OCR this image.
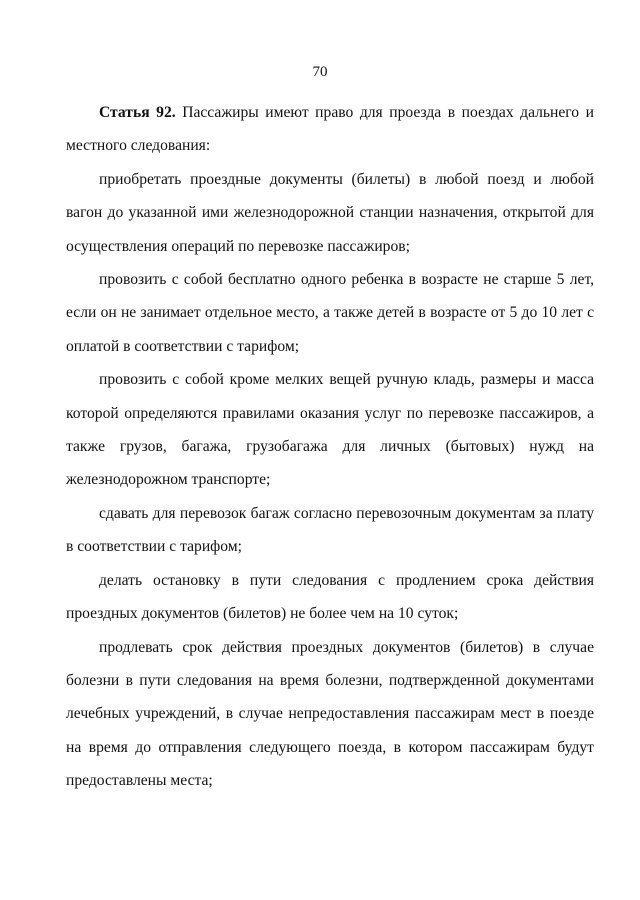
70

Статья 92. Пассажиры имеют право для проезда в поездах дальнего и местного следования:

приобретать проездные документы (билеты) в любой поезд и любой вагон до указанной ими железнодорожной станции назначения, открытой для осуществления операций по перевозке пассажиров;

провозить с собой бесплатно одного ребенка в возрасте не старше 5 лет, если он не занимает отдельное место, а также детей в возрасте от 5 до 10 лет с оплатой в соответствии с тарифом;

провозить с собой кроме мелких вещей ручную кладь, размеры и масса которой определяются правилами оказания услуг по перевозке пассажиров, а также грузов, багажа, грузобагажа для личных (бытовых) нужд на железнодорожном транспорте;

сдавать для перевозок багаж согласно перевозочным документам за плату в соответствии с тарифом;

делать остановку в пути следования с продлением срока действия проездных документов (билетов) не более чем на 10 суток;

продлевать срок действия проездных документов (билетов) в случае болезни в пути следования на время болезни, подтвержденной документами лечебных учреждений, в случае непредоставления пассажирам мест в поезде на время до отправления следующего поезда, в котором пассажирам будут предоставлены места;
